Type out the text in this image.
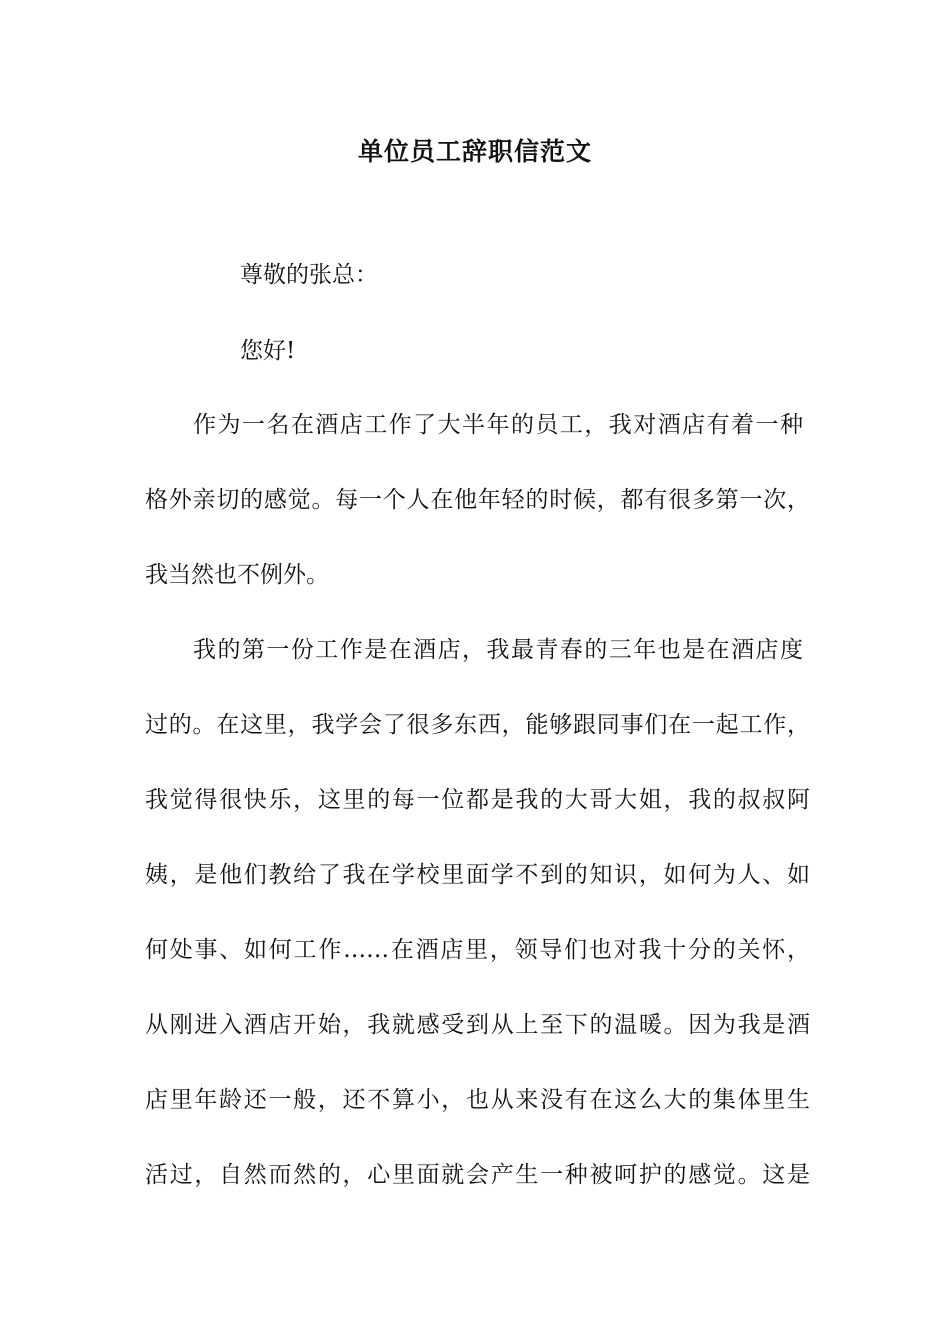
单位员工辞职信范文
尊敬的张总：
您好!
作为一名在酒店工作了大半年的员工，我对酒店有着一种
格外亲切的感觉。每一个人在他年轻的时候，都有很多第一次，
我当然也不例外。
我的第一份工作是在酒店，我最青春的三年也是在酒店度
过的。在这里，我学会了很多东西，能够跟同事们在一起工作，
我觉得很快乐，这里的每一位都是我的大哥大姐，我的叔叔阿
姨，是他们教给了我在学校里面学不到的知识，如何为人、如
何处事、如何工作……在酒店里，领导们也对我十分的关怀，
从刚进入酒店开始，我就感受到从上至下的温暖。因为我是酒
店里年龄还一般，还不算小，也从来没有在这么大的集体里生
活过，自然而然的，心里面就会产生一种被呵护的感觉。这是
